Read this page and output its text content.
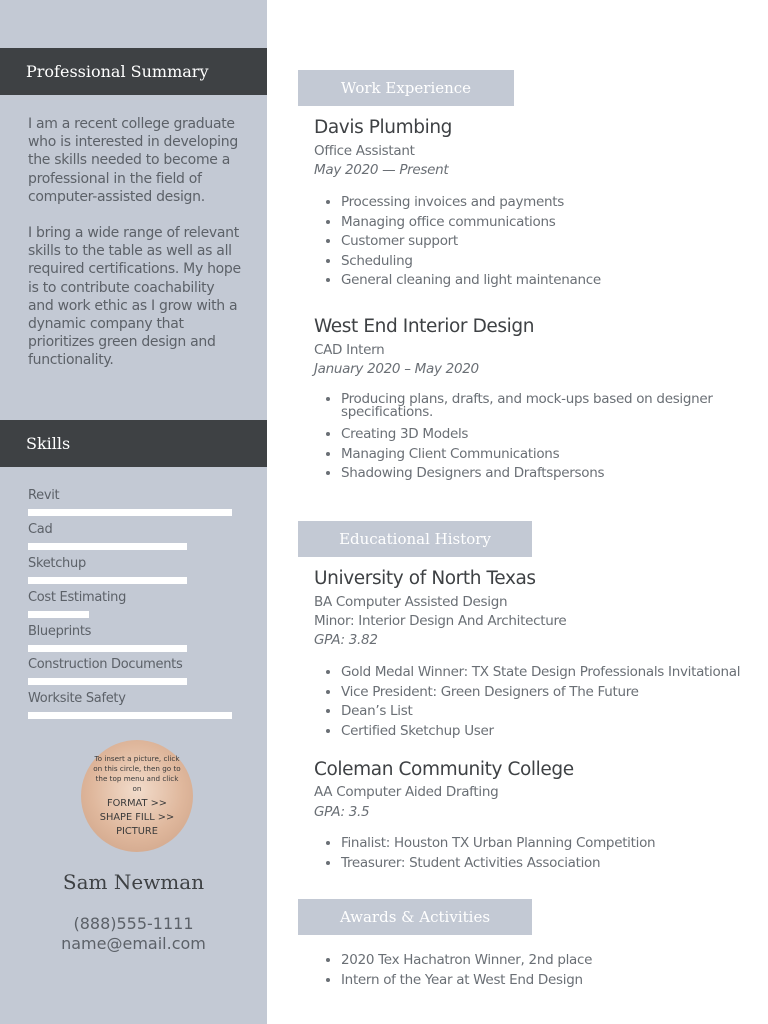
Professional Summary

I am a recent college graduate who is interested in developing the skills needed to become a professional in the field of computer-assisted design.

I bring a wide range of relevant skills to the table as well as all required certifications. My hope is to contribute coachability and work ethic as I grow with a dynamic company that prioritizes green design and functionality.

Skills
Revit
Cad
Sketchup
Cost Estimating
Blueprints
Construction Documents
Worksite Safety
To insert a picture, click on this circle, then go to the top menu and click on
FORMAT >>
SHAPE FILL >>
PICTURE
Sam Newman
(888)555-1111
name@email.com
Work Experience
Davis Plumbing
Office Assistant
May 2020 — Present
• Processing invoices and payments
• Managing office communications
• Customer support
• Scheduling
• General cleaning and light maintenance
West End Interior Design
CAD Intern
January 2020 – May 2020
• Producing plans, drafts, and mock-ups based on designer specifications.
• Creating 3D Models
• Managing Client Communications
• Shadowing Designers and Draftspersons
Educational History
University of North Texas
BA Computer Assisted Design
Minor: Interior Design And Architecture
GPA: 3.82
• Gold Medal Winner: TX State Design Professionals Invitational
• Vice President: Green Designers of The Future
• Dean’s List
• Certified Sketchup User
Coleman Community College
AA Computer Aided Drafting
GPA: 3.5
• Finalist: Houston TX Urban Planning Competition
• Treasurer: Student Activities Association
Awards & Activities
• 2020 Tex Hachatron Winner, 2nd place
• Intern of the Year at West End Design
